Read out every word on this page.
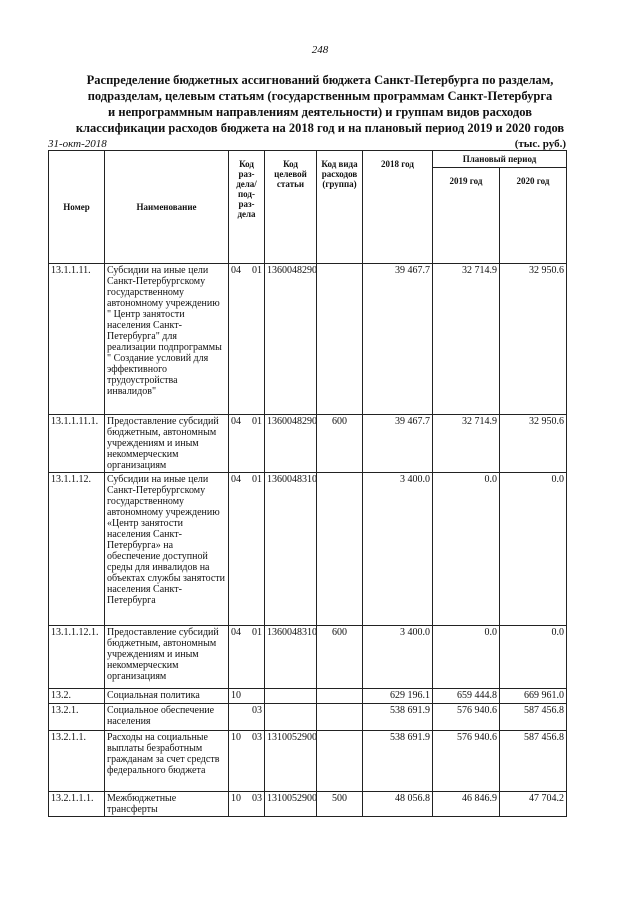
248
Распределение бюджетных ассигнований бюджета Санкт-Петербурга по разделам,
подразделам, целевым статьям (государственным программам Санкт-Петербурга
и непрограммным направлениям деятельности) и группам видов расходов
классификации расходов бюджета на 2018 год и на плановый период 2019 и 2020 годов
31-окт-2018	(тыс. руб.)
Номер	Наименование	Код раз-дела/ под-раз-дела	Код целевой статьи	Код вида расходов (группа)	2018 год	Плановый период	
						2019 год	2020 год
13.1.1.11.	Субсидии на иные цели Санкт-Петербургскому государственному автономному учреждению " Центр занятости населения Санкт-Петербурга" для реализации подпрограммы " Создание условий для эффективного трудоустройства инвалидов"	04 01	1360048290		39 467.7	32 714.9	32 950.6
13.1.1.11.1.	Предоставление субсидий бюджетным, автономным учреждениям и иным некоммерческим организациям	04 01	1360048290	600	39 467.7	32 714.9	32 950.6
13.1.1.12.	Субсидии на иные цели Санкт-Петербургскому государственному автономному учреждению «Центр занятости населения Санкт-Петербурга» на обеспечение доступной среды для инвалидов на объектах службы занятости населения Санкт-Петербурга	04 01	1360048310		3 400.0	0.0	0.0
13.1.1.12.1.	Предоставление субсидий бюджетным, автономным учреждениям и иным некоммерческим организациям	04 01	1360048310	600	3 400.0	0.0	0.0
13.2.	Социальная политика	10			629 196.1	659 444.8	669 961.0
13.2.1.	Социальное обеспечение населения	03			538 691.9	576 940.6	587 456.8
13.2.1.1.	Расходы на социальные выплаты безработным гражданам за счет средств федерального бюджета	10 03	1310052900		538 691.9	576 940.6	587 456.8
13.2.1.1.1.	Межбюджетные трансферты	10 03	1310052900	500	48 056.8	46 846.9	47 704.2
